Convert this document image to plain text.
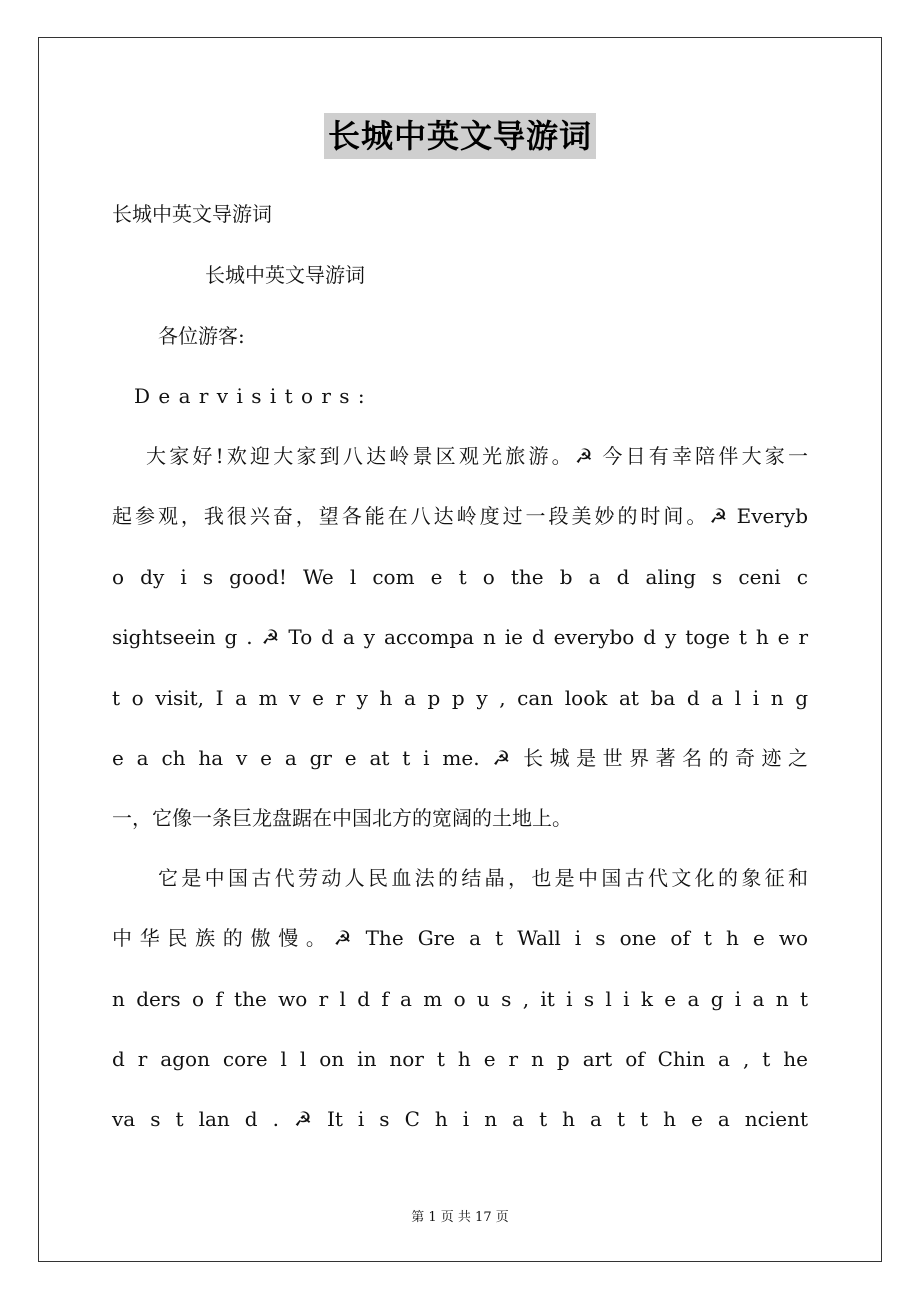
长城中英文导游词
长城中英文导游词
长城中英文导游词
各位游客:
D e a r v i s i t o r s :
大家好!欢迎大家到八达岭景区观光旅游。☭ 今日有幸陪伴大家一
起参观，我很兴奋，望各能在八达岭度过一段美妙的时间。☭ Everyb
o dy i s good! We l com e t o the b a d aling s ceni c
sightseein g . ☭ To d a y accompa n ie d everybo d y toge t h e r
t o visit, I a m v e r y h a p p y , can look at ba d a l i n g
e a ch ha v e a gr e at t i me. ☭ 长城是世界著名的奇迹之
一，它像一条巨龙盘踞在中国北方的宽阔的土地上。
它是中国古代劳动人民血法的结晶，也是中国古代文化的象征和
中华民族的傲慢。☭ The Gre a t Wall i s one of t h e wo
n ders o f the wo r l d f a m o u s , it i s l i k e a g i a n t
d r agon core l l on in nor t h e r n p art of Chin a , t he
va s t lan d . ☭ It i s C h i n a t h a t t h e a ncient
第 1 页 共 17 页
